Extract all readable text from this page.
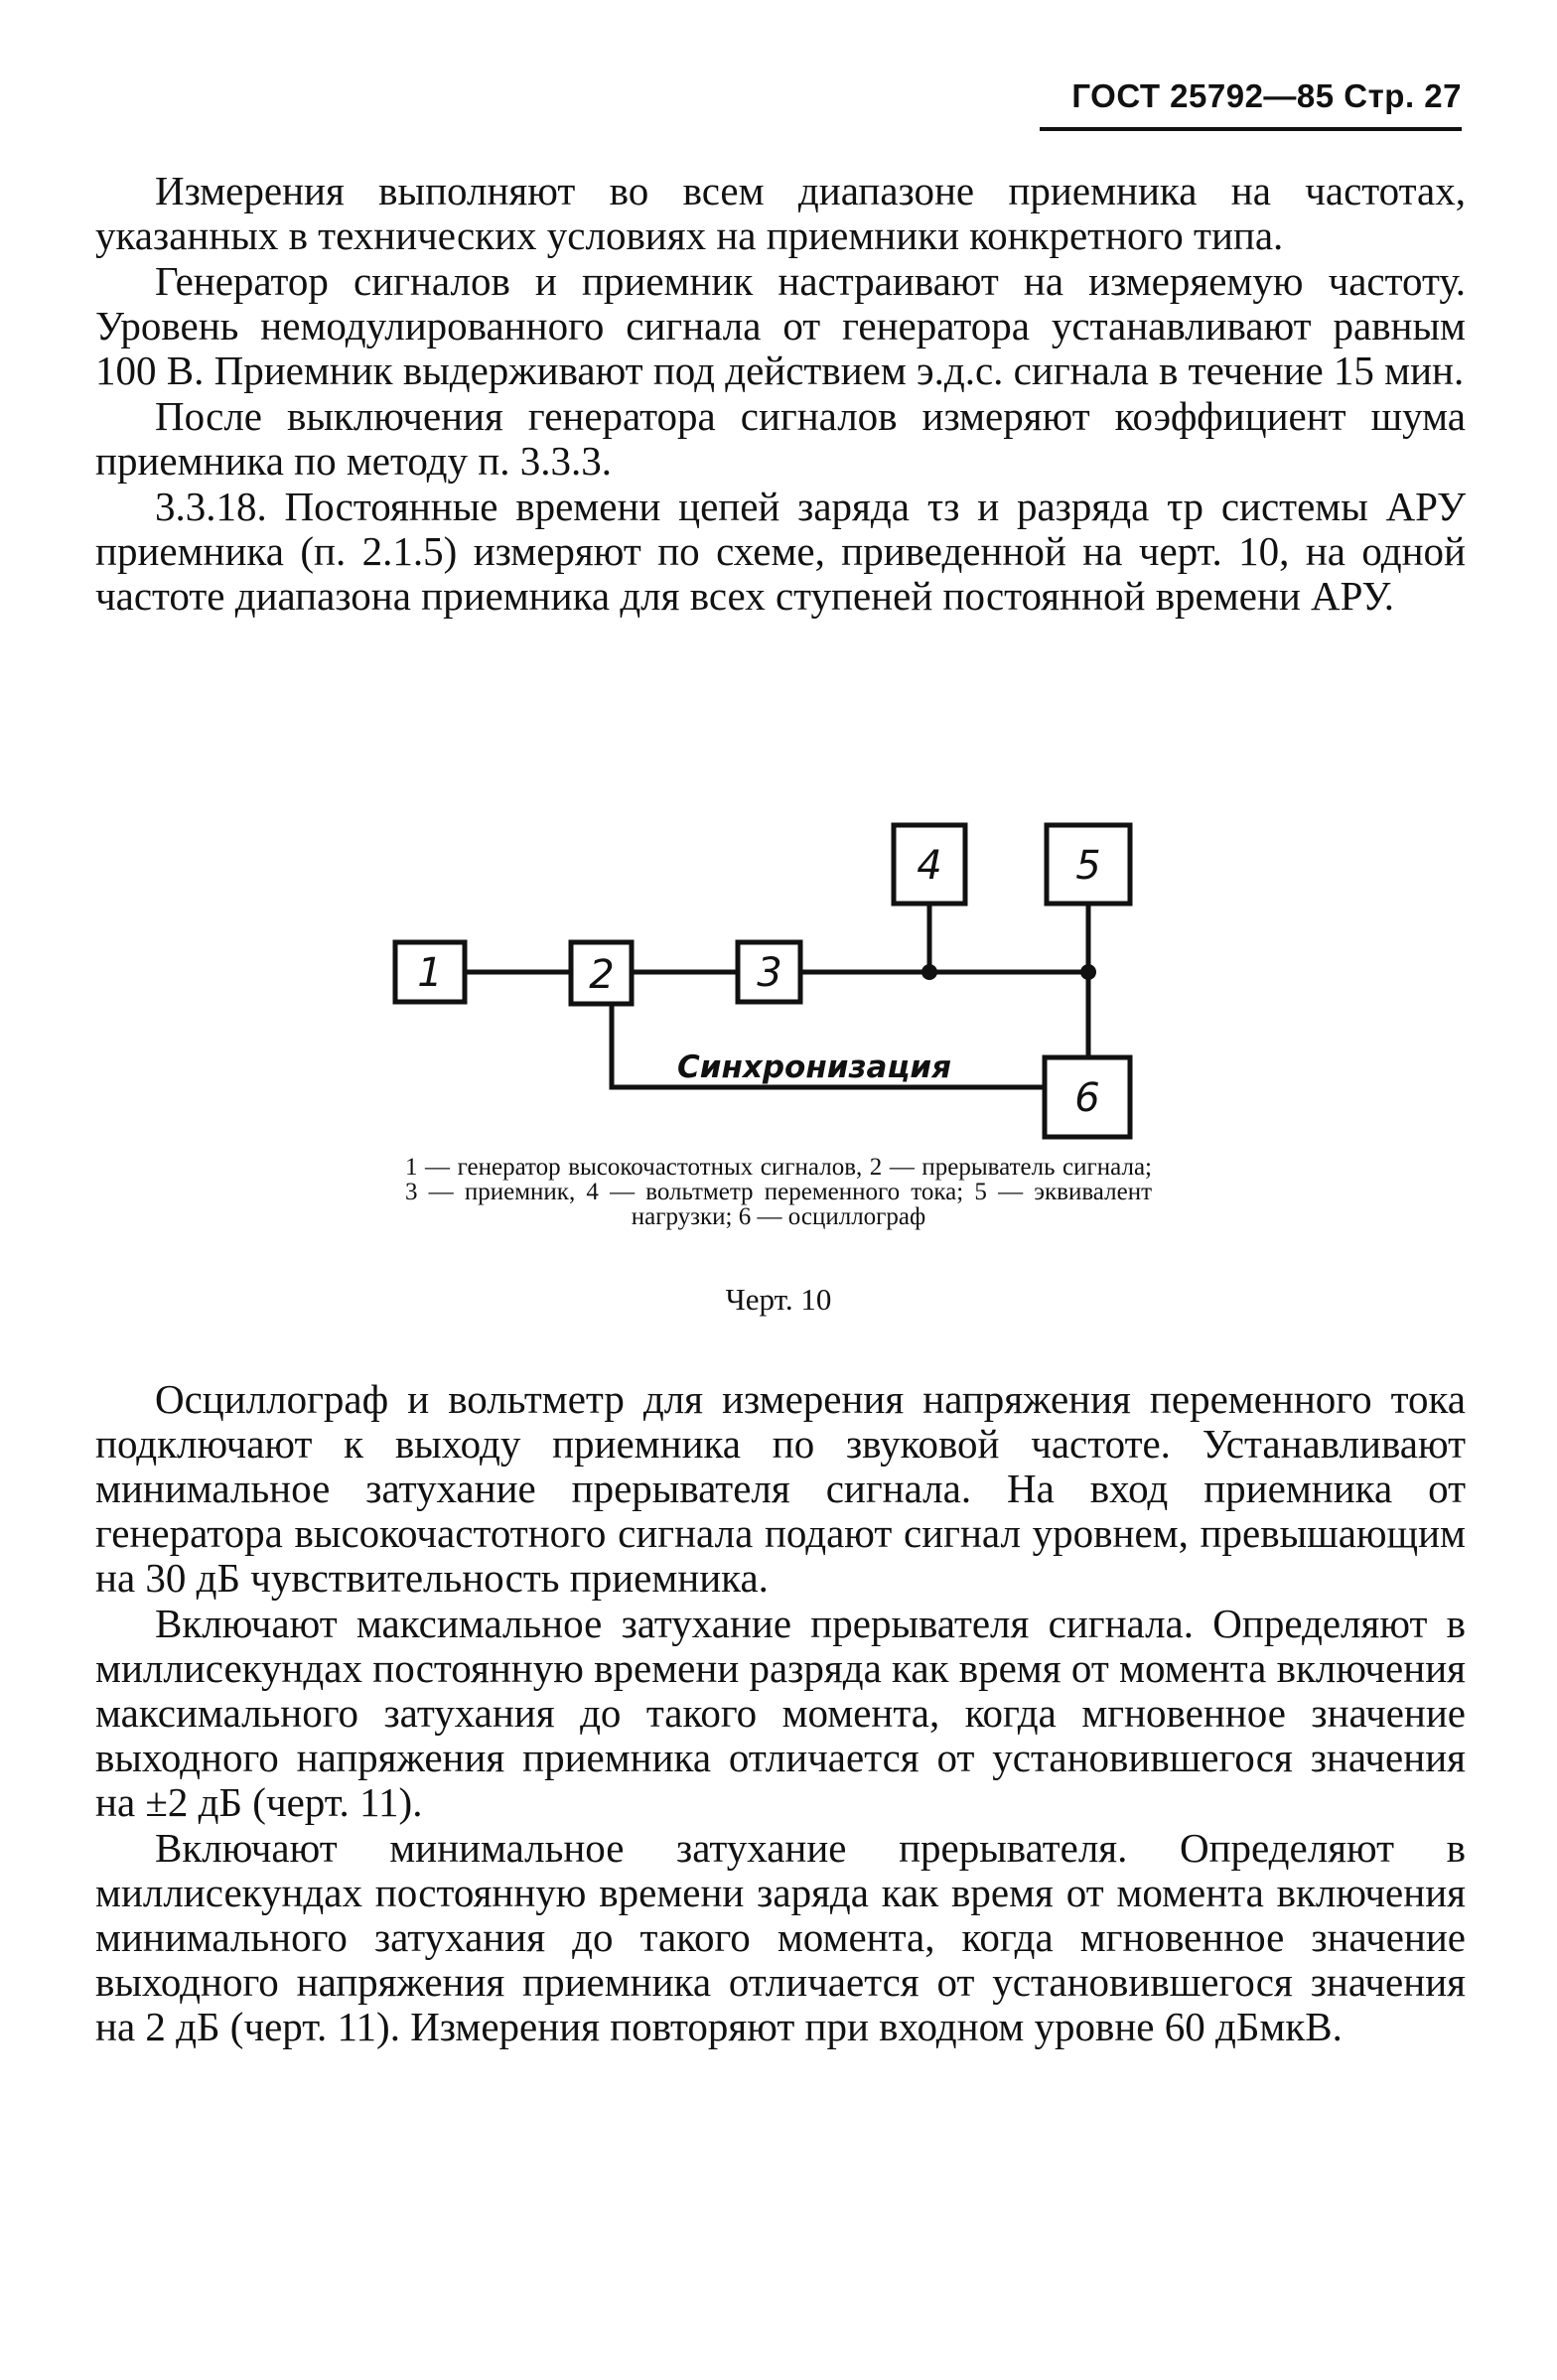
ГОСТ 25792—85 Стр. 27

Измерения выполняют во всем диапазоне приемника на частотах, указанных в технических условиях на приемники конкретного типа.

Генератор сигналов и приемник настраивают на измеряемую частоту. Уровень немодулированного сигнала от генератора устанавливают равным 100 В. Приемник выдерживают под действием э.д.с. сигнала в течение 15 мин.

После выключения генератора сигналов измеряют коэффициент шума приемника по методу п. 3.3.3.

3.3.18. Постоянные времени цепей заряда τз и разряда τр системы АРУ приемника (п. 2.1.5) измеряют по схеме, приведенной на черт. 10, на одной частоте диапазона приемника для всех ступеней постоянной времени АРУ.

1	2	3
4	5
6
Синхронизация
1 — генератор высокочастотных сигналов, 2 — прерыватель сигнала; 3 — приемник, 4 — вольтметр переменного тока; 5 — эквивалент нагрузки; 6 — осциллограф
Черт. 10

Осциллограф и вольтметр для измерения напряжения переменного тока подключают к выходу приемника по звуковой частоте. Устанавливают минимальное затухание прерывателя сигнала. На вход приемника от генератора высокочастотного сигнала подают сигнал уровнем, превышающим на 30 дБ чувствительность приемника.

Включают максимальное затухание прерывателя сигнала. Определяют в миллисекундах постоянную времени разряда как время от момента включения максимального затухания до такого момента, когда мгновенное значение выходного напряжения приемника отличается от установившегося значения на ±2 дБ (черт. 11).

Включают минимальное затухание прерывателя. Определяют в миллисекундах постоянную времени заряда как время от момента включения минимального затухания до такого момента, когда мгновенное значение выходного напряжения приемника отличается от установившегося значения на 2 дБ (черт. 11). Измерения повторяют при входном уровне 60 дБмкВ.
